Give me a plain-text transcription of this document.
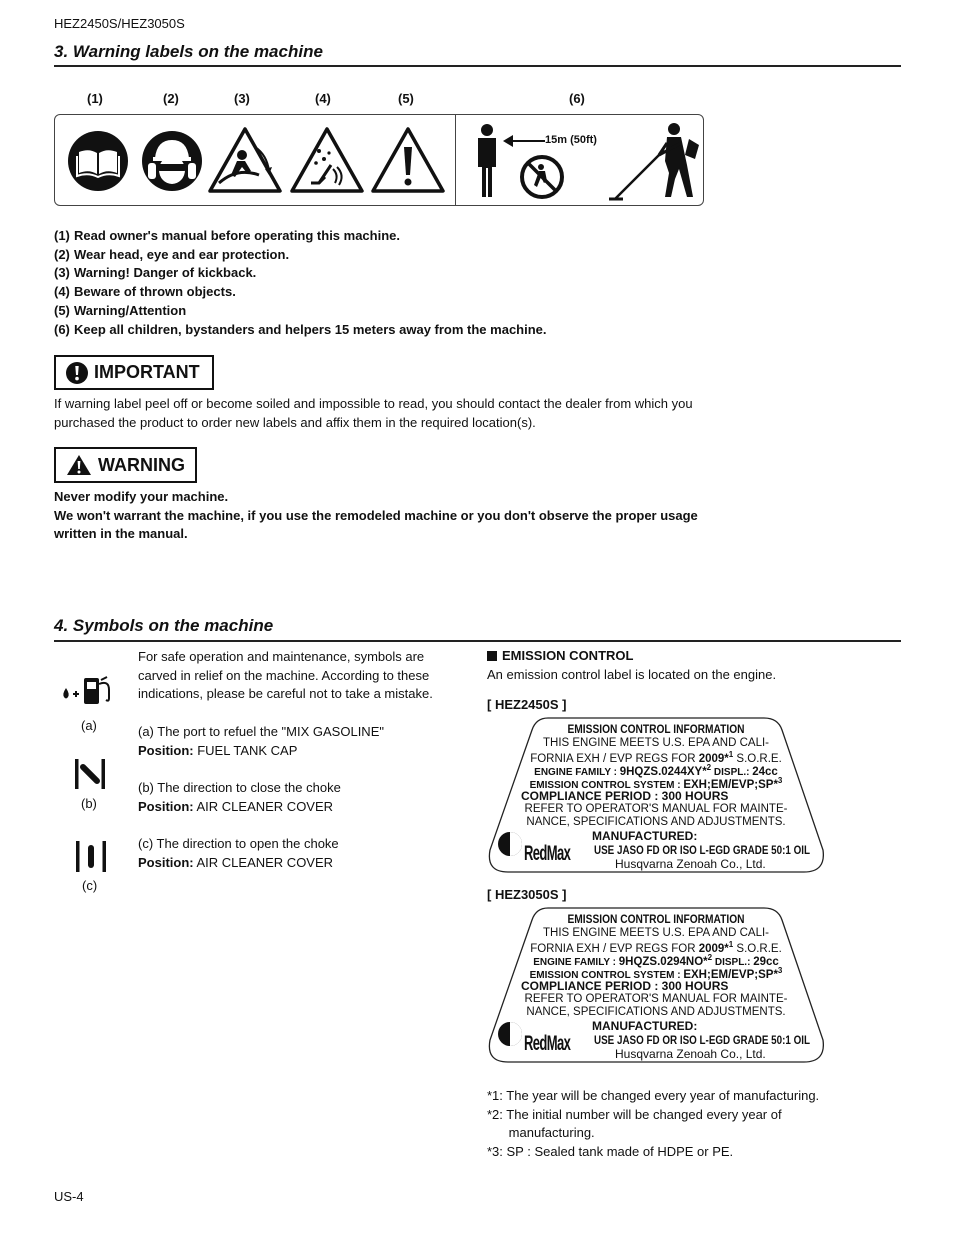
HEZ2450S/HEZ3050S
3. Warning labels on the machine
(1)	(2)	(3)	(4)	(5)	(6)
15m (50ft)
(1) Read owner's manual before operating this machine.
(2) Wear head, eye and ear protection.
(3) Warning! Danger of kickback.
(4) Beware of thrown objects.
(5) Warning/Attention
(6) Keep all children, bystanders and helpers 15 meters away from the machine.
IMPORTANT
If warning label peel off or become soiled and impossible to read, you should contact the dealer from which you
purchased the product to order new labels and affix them in the required location(s).
WARNING
Never modify your machine.
We won't warrant the machine, if you use the remodeled machine or you don't observe the proper usage
written in the manual.
4. Symbols on the machine
(a)
(b)
(c)
For safe operation and maintenance, symbols are
carved in relief on the machine. According to these
indications, please be careful not to take a mistake.
(a) The port to refuel the "MIX GASOLINE"
Position: FUEL TANK CAP
(b) The direction to close the choke
Position: AIR CLEANER COVER
(c) The direction to open the choke
Position: AIR CLEANER COVER
EMISSION CONTROL
An emission control label is located on the engine.
[ HEZ2450S ]
EMISSION CONTROL INFORMATION
THIS ENGINE MEETS U.S. EPA AND CALI-
FORNIA EXH / EVP REGS FOR 2009*$^1$ S.O.R.E.
ENGINE FAMILY : 9HQZS.0244XY*$^2$ DISPL.: 24cc
EMISSION CONTROL SYSTEM : EXH;EM/EVP;SP*$^3$
COMPLIANCE PERIOD : 300 HOURS
REFER TO OPERATOR'S MANUAL FOR MAINTE-
NANCE, SPECIFICATIONS AND ADJUSTMENTS.
RedMax
MANUFACTURED:
USE JASO FD OR ISO L-EGD GRADE 50:1 OIL
Husqvarna Zenoah Co., Ltd.
[ HEZ3050S ]
EMISSION CONTROL INFORMATION
THIS ENGINE MEETS U.S. EPA AND CALI-
FORNIA EXH / EVP REGS FOR 2009*$^1$ S.O.R.E.
ENGINE FAMILY : 9HQZS.0294NO*$^2$ DISPL.: 29cc
EMISSION CONTROL SYSTEM : EXH;EM/EVP;SP*$^3$
COMPLIANCE PERIOD : 300 HOURS
REFER TO OPERATOR'S MANUAL FOR MAINTE-
NANCE, SPECIFICATIONS AND ADJUSTMENTS.
RedMax
MANUFACTURED:
USE JASO FD OR ISO L-EGD GRADE 50:1 OIL
Husqvarna Zenoah Co., Ltd.
*1: The year will be changed every year of manufacturing.
*2: The initial number will be changed every year of
manufacturing.
*3: SP : Sealed tank made of HDPE or PE.
US-4
